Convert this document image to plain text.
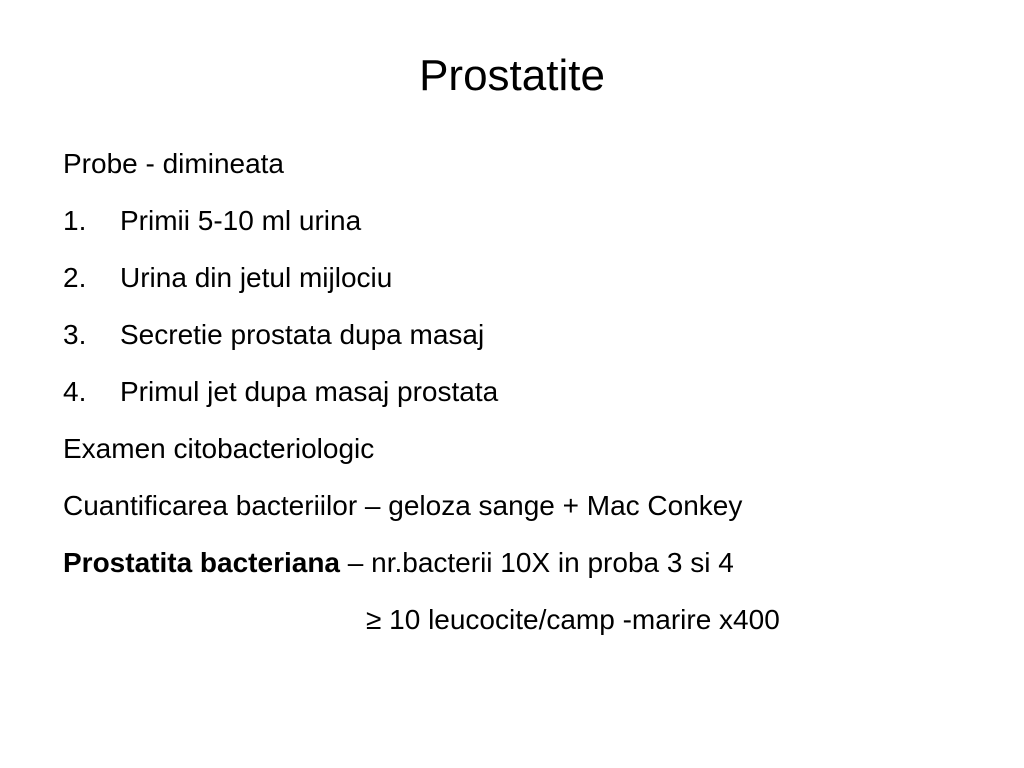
Prostatite
Probe - dimineata
1. Primii 5-10 ml urina
2. Urina din jetul mijlociu
3. Secretie prostata dupa masaj
4. Primul jet dupa masaj prostata
Examen citobacteriologic
Cuantificarea bacteriilor – geloza sange + Mac Conkey
Prostatita bacteriana – nr.bacterii 10X in proba 3 si 4
≥ 10 leucocite/camp -marire x400
